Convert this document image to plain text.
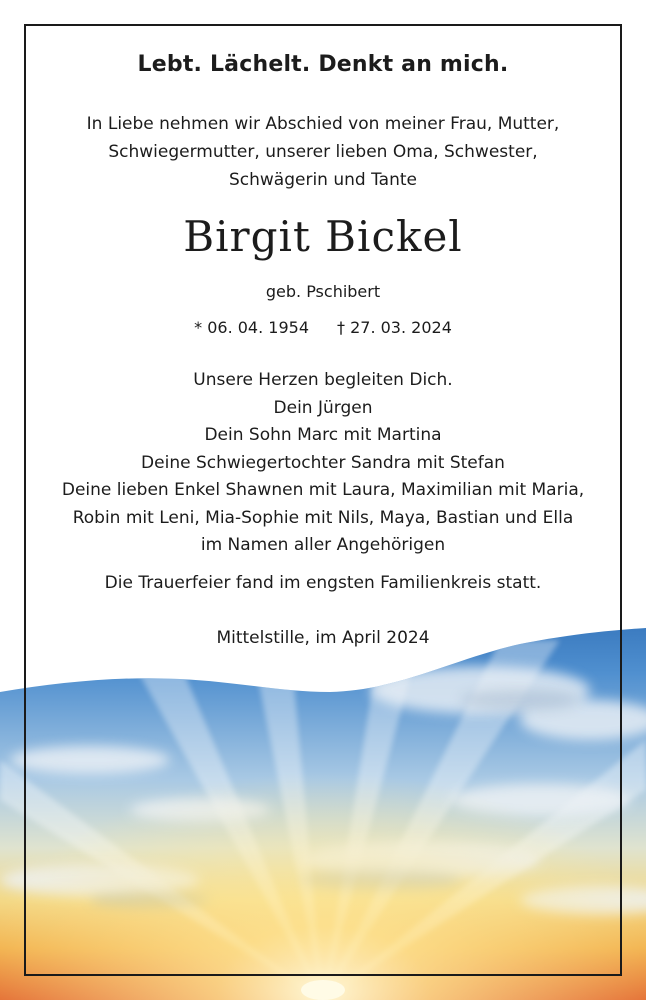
Lebt. Lächelt. Denkt an mich.
In Liebe nehmen wir Abschied von meiner Frau, Mutter,
Schwiegermutter, unserer lieben Oma, Schwester,
Schwägerin und Tante
Birgit Bickel
geb. Pschibert
* 06. 04. 1954 † 27. 03. 2024
Unsere Herzen begleiten Dich.
Dein Jürgen
Dein Sohn Marc mit Martina
Deine Schwiegertochter Sandra mit Stefan
Deine lieben Enkel Shawnen mit Laura, Maximilian mit Maria,
Robin mit Leni, Mia-Sophie mit Nils, Maya, Bastian und Ella
im Namen aller Angehörigen
Die Trauerfeier fand im engsten Familienkreis statt.
Mittelstille, im April 2024
